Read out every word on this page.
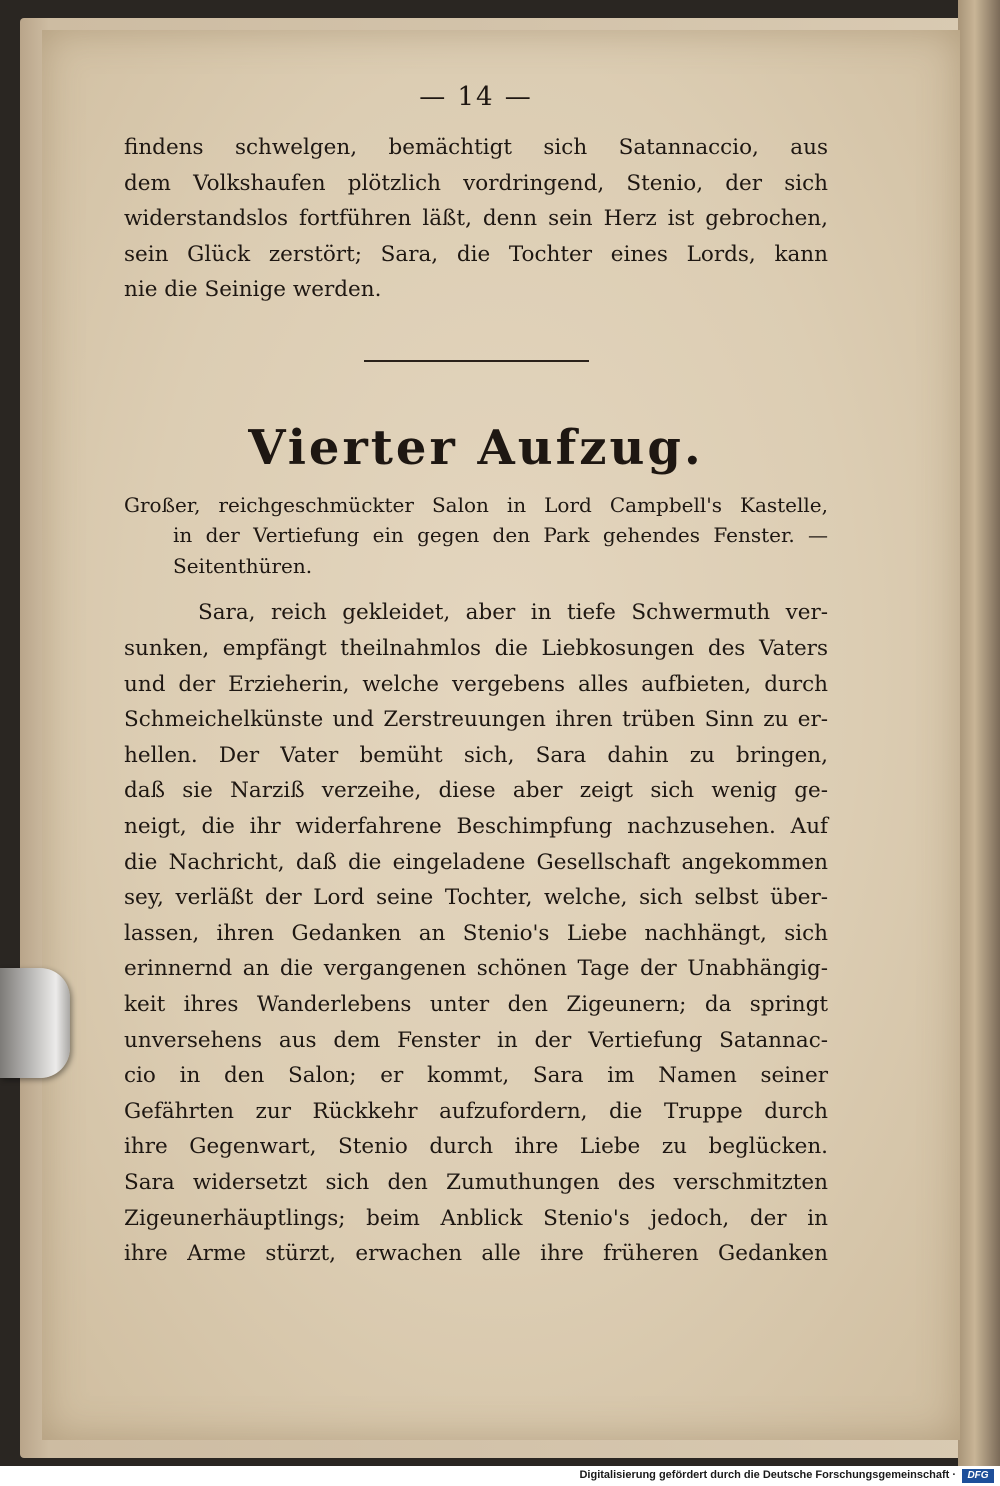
— 14 —
findens schwelgen, bemächtigt sich Satannaccio, aus
dem Volkshaufen plötzlich vordringend, Stenio, der sich
widerstandslos fortführen läßt, denn sein Herz ist gebrochen,
sein Glück zerstört; Sara, die Tochter eines Lords, kann
nie die Seinige werden.
Vierter Aufzug.
Großer, reichgeschmückter Salon in Lord Campbell's Kastelle,
in der Vertiefung ein gegen den Park gehendes Fenster. —
Seitenthüren.
Sara, reich gekleidet, aber in tiefe Schwermuth ver-
sunken, empfängt theilnahmlos die Liebkosungen des Vaters
und der Erzieherin, welche vergebens alles aufbieten, durch
Schmeichelkünste und Zerstreuungen ihren trüben Sinn zu er-
hellen. Der Vater bemüht sich, Sara dahin zu bringen,
daß sie Narziß verzeihe, diese aber zeigt sich wenig ge-
neigt, die ihr widerfahrene Beschimpfung nachzusehen. Auf
die Nachricht, daß die eingeladene Gesellschaft angekommen
sey, verläßt der Lord seine Tochter, welche, sich selbst über-
lassen, ihren Gedanken an Stenio's Liebe nachhängt, sich
erinnernd an die vergangenen schönen Tage der Unabhängig-
keit ihres Wanderlebens unter den Zigeunern; da springt
unversehens aus dem Fenster in der Vertiefung Satannac-
cio in den Salon; er kommt, Sara im Namen seiner
Gefährten zur Rückkehr aufzufordern, die Truppe durch
ihre Gegenwart, Stenio durch ihre Liebe zu beglücken.
Sara widersetzt sich den Zumuthungen des verschmitzten
Zigeunerhäuptlings; beim Anblick Stenio's jedoch, der in
ihre Arme stürzt, erwachen alle ihre früheren Gedanken
Digitalisierung gefördert durch die Deutsche Forschungsgemeinschaft ·	DFG
